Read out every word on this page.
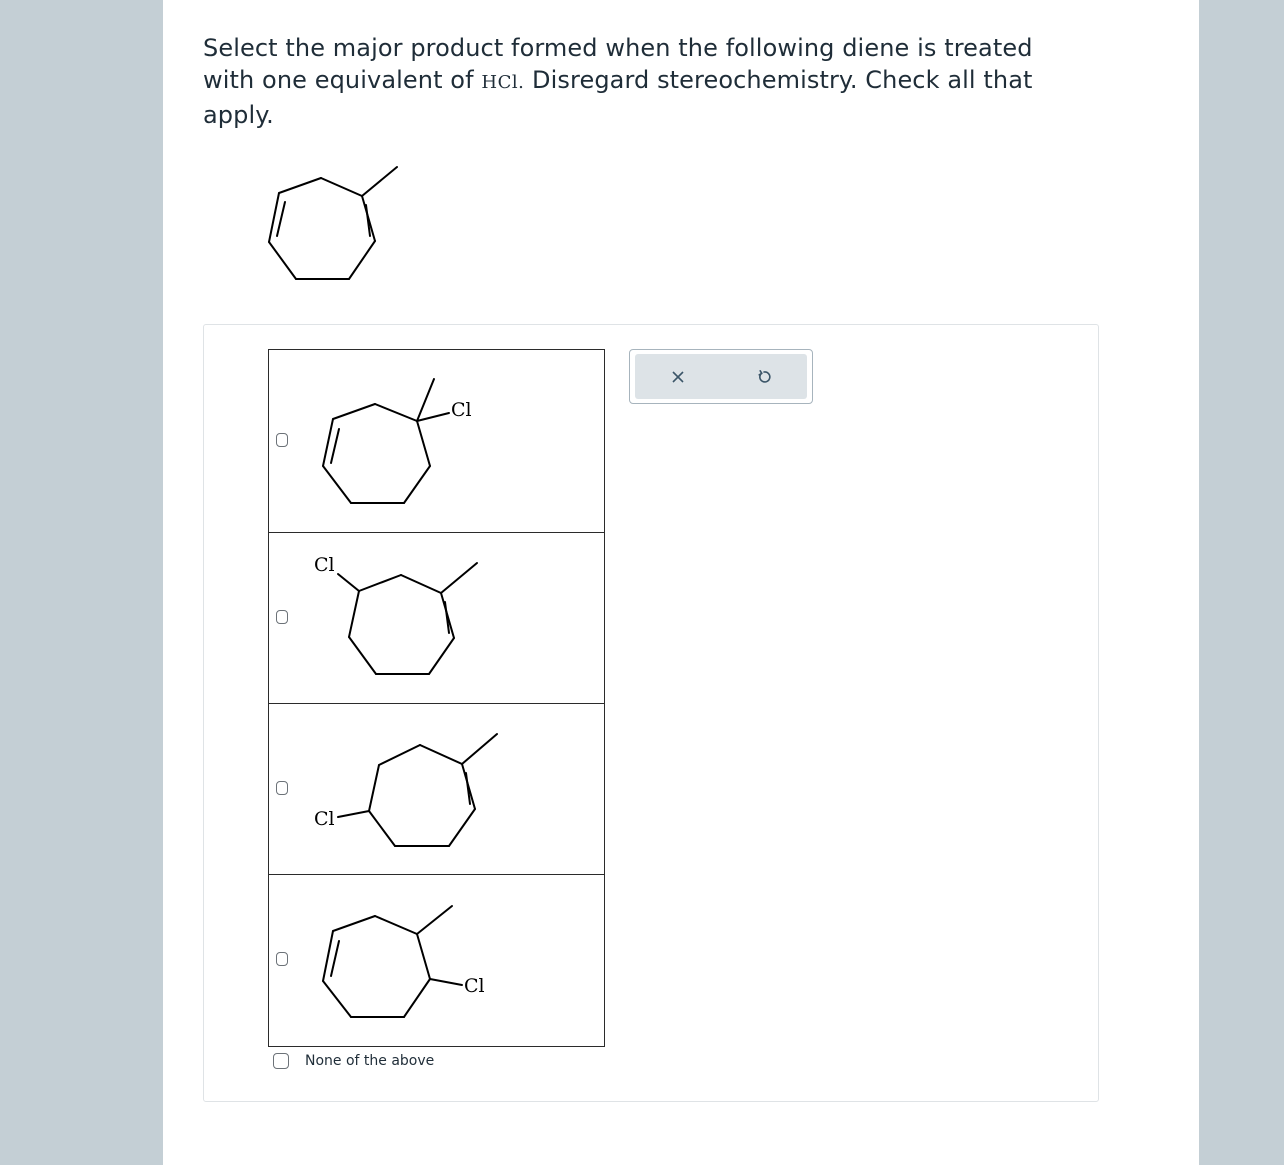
Select the major product formed when the following diene is treated with one equivalent of HCl. Disregard stereochemistry. Check all that apply.
Cl
Cl
Cl
Cl
None of the above
